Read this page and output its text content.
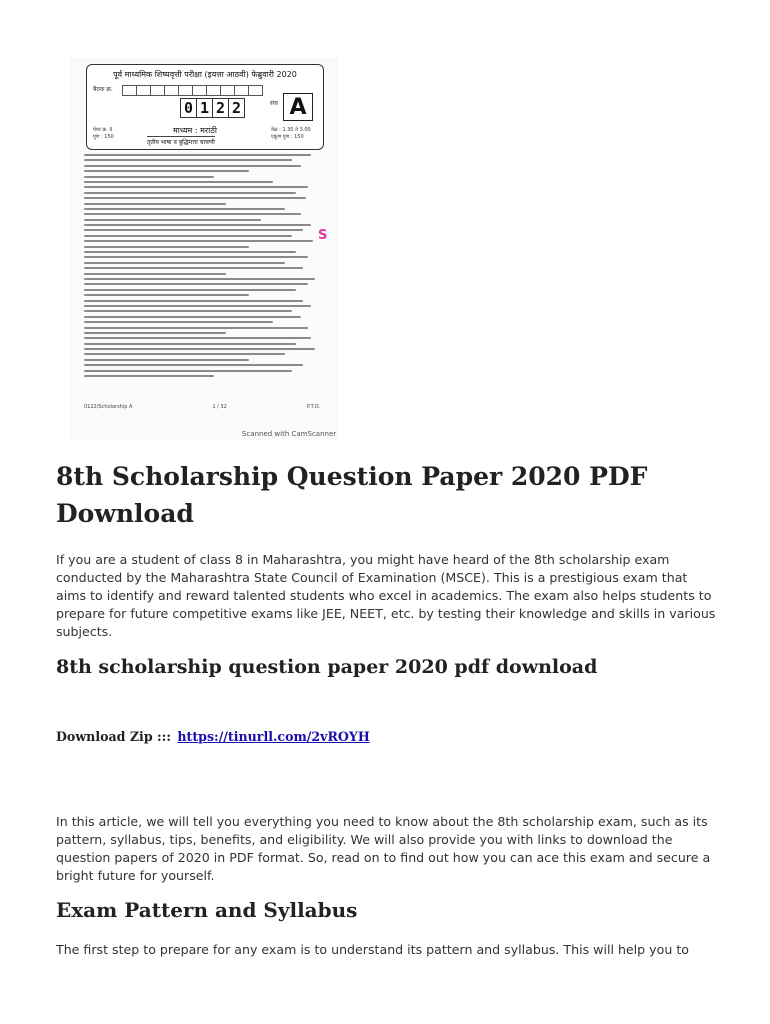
पूर्व माध्यमिक शिष्यवृत्ती परीक्षा (इयत्ता आठवी) फेब्रुवारी 2020
बैठक क्र.
0 1 2 2	संच A
पेपर क्र. II
गुण : 150
माध्यम : मराठी
तृतीय भाषा व बुद्धिमत्ता चाचणी
वेळ : 1.30 ते 3.00
एकूण गुण : 150
0122/Scholarship A	1 / 32	P.T.O.
S
Scanned with CamScanner
8th Scholarship Question Paper 2020 PDF Download

If you are a student of class 8 in Maharashtra, you might have heard of the 8th scholarship exam conducted by the Maharashtra State Council of Examination (MSCE). This is a prestigious exam that aims to identify and reward talented students who excel in academics. The exam also helps students to prepare for future competitive exams like JEE, NEET, etc. by testing their knowledge and skills in various subjects.

8th scholarship question paper 2020 pdf download
Download Zip ::: https://tinurll.com/2vROYH

In this article, we will tell you everything you need to know about the 8th scholarship exam, such as its pattern, syllabus, tips, benefits, and eligibility. We will also provide you with links to download the question papers of 2020 in PDF format. So, read on to find out how you can ace this exam and secure a bright future for yourself.

Exam Pattern and Syllabus

The first step to prepare for any exam is to understand its pattern and syllabus. This will help you to
